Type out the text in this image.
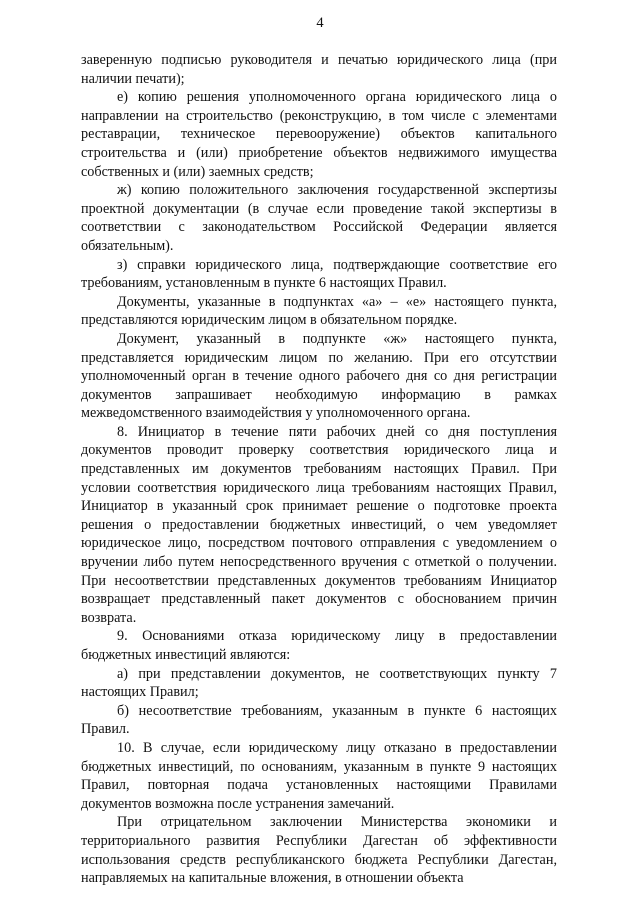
4

заверенную подписью руководителя и печатью юридического лица (при наличии печати);

е) копию решения уполномоченного органа юридического лица о направлении на строительство (реконструкцию, в том числе с элементами реставрации, техническое перевооружение) объектов капитального строительства и (или) приобретение объектов недвижимого имущества собственных и (или) заемных средств;

ж) копию положительного заключения государственной экспертизы проектной документации (в случае если проведение такой экспертизы в соответствии с законодательством Российской Федерации является обязательным).

з) справки юридического лица, подтверждающие соответствие его требованиям, установленным в пункте 6 настоящих Правил.

Документы, указанные в подпунктах «а» – «е» настоящего пункта, представляются юридическим лицом в обязательном порядке.

Документ, указанный в подпункте «ж» настоящего пункта, представляется юридическим лицом по желанию. При его отсутствии уполномоченный орган в течение одного рабочего дня со дня регистрации документов запрашивает необходимую информацию в рамках межведомственного взаимодействия у уполномоченного органа.

8. Инициатор в течение пяти рабочих дней со дня поступления документов проводит проверку соответствия юридического лица и представленных им документов требованиям настоящих Правил. При условии соответствия юридического лица требованиям настоящих Правил, Инициатор в указанный срок принимает решение о подготовке проекта решения о предоставлении бюджетных инвестиций, о чем уведомляет юридическое лицо, посредством почтового отправления с уведомлением о вручении либо путем непосредственного вручения с отметкой о получении. При несоответствии представленных документов требованиям Инициатор возвращает представленный пакет документов с обоснованием причин возврата.

9. Основаниями отказа юридическому лицу в предоставлении бюджетных инвестиций являются:

а) при представлении документов, не соответствующих пункту 7 настоящих Правил;

б) несоответствие требованиям, указанным в пункте 6 настоящих Правил.

10. В случае, если юридическому лицу отказано в предоставлении бюджетных инвестиций, по основаниям, указанным в пункте 9 настоящих Правил, повторная подача установленных настоящими Правилами документов возможна после устранения замечаний.

При отрицательном заключении Министерства экономики и территориального развития Республики Дагестан об эффективности использования средств республиканского бюджета Республики Дагестан, направляемых на капитальные вложения, в отношении объекта
